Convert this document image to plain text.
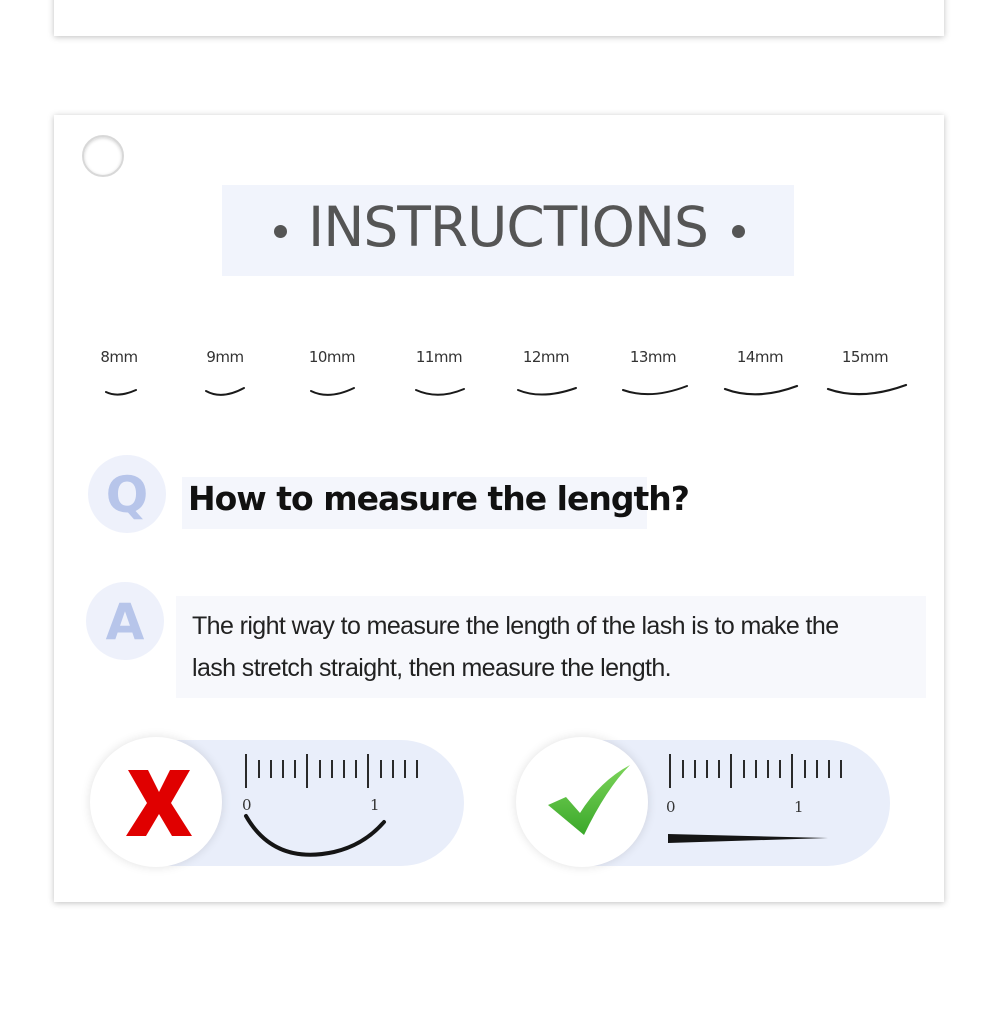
INSTRUCTIONS
8mm	9mm	10mm	11mm	12mm	13mm	14mm	15mm
Q	How to measure the length?
A	The right way to measure the length of the lash is to make the
lash stretch straight, then measure the length.
0	1	0	1
